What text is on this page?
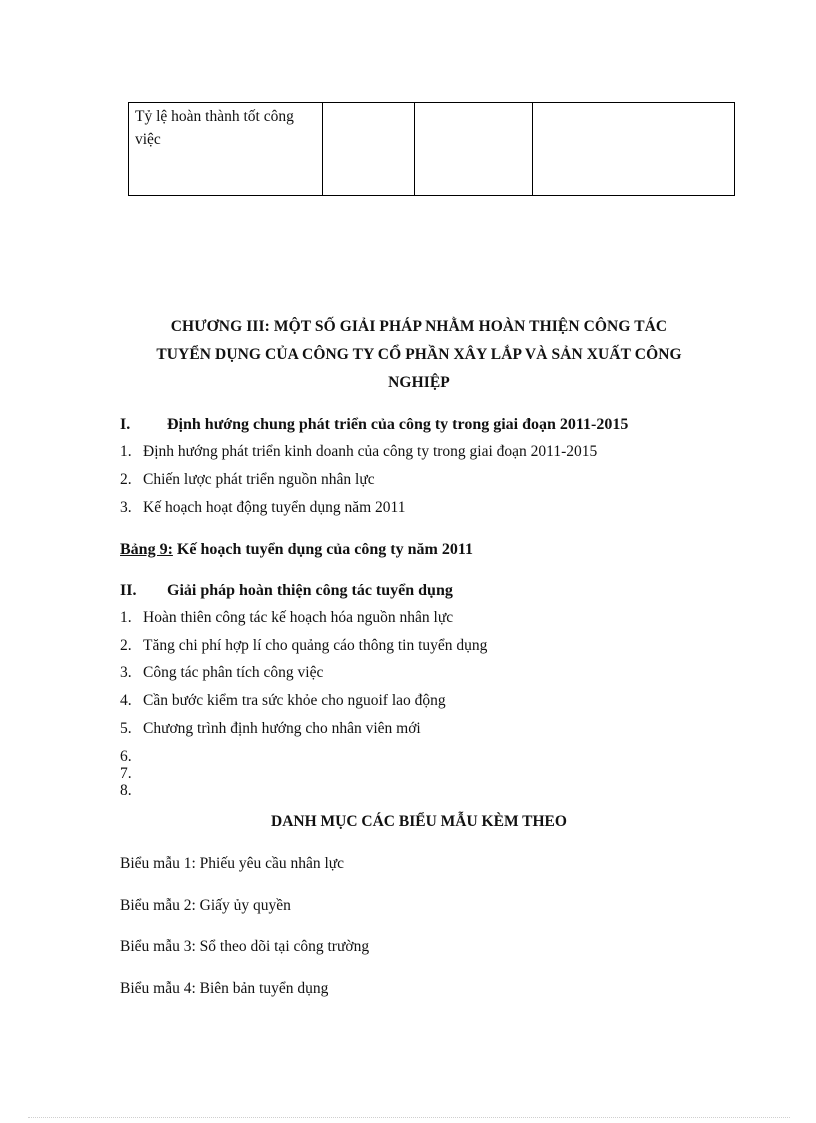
Tỷ lệ hoàn thành tốt công việc			
CHƯƠNG III: MỘT SỐ GIẢI PHÁP NHẰM HOÀN THIỆN CÔNG TÁC
TUYỂN DỤNG CỦA CÔNG TY CỔ PHẦN XÂY LẮP VÀ SẢN XUẤT CÔNG
NGHIỆP
I. Định hướng chung phát triển của công ty trong giai đoạn 2011-2015
1. Định hướng phát triển kinh doanh của công ty trong giai đoạn 2011-2015
2. Chiến lược phát triển nguồn nhân lực
3. Kế hoạch hoạt động tuyển dụng năm 2011
Bảng 9: Kế hoạch tuyển dụng của công ty năm 2011
II. Giải pháp hoàn thiện công tác tuyển dụng
1. Hoàn thiên công tác kế hoạch hóa nguồn nhân lực
2. Tăng chi phí hợp lí cho quảng cáo thông tin tuyển dụng
3. Công tác phân tích công việc
4. Cần bước kiểm tra sức khỏe cho nguoif lao động
5. Chương trình định hướng cho nhân viên mới
6.
7.
8.
DANH MỤC CÁC BIỂU MẪU KÈM THEO
Biểu mẫu 1: Phiếu yêu cầu nhân lực
Biểu mẫu 2: Giấy ủy quyền
Biểu mẫu 3: Sổ theo dõi tại công trường
Biểu mẫu 4: Biên bản tuyển dụng
